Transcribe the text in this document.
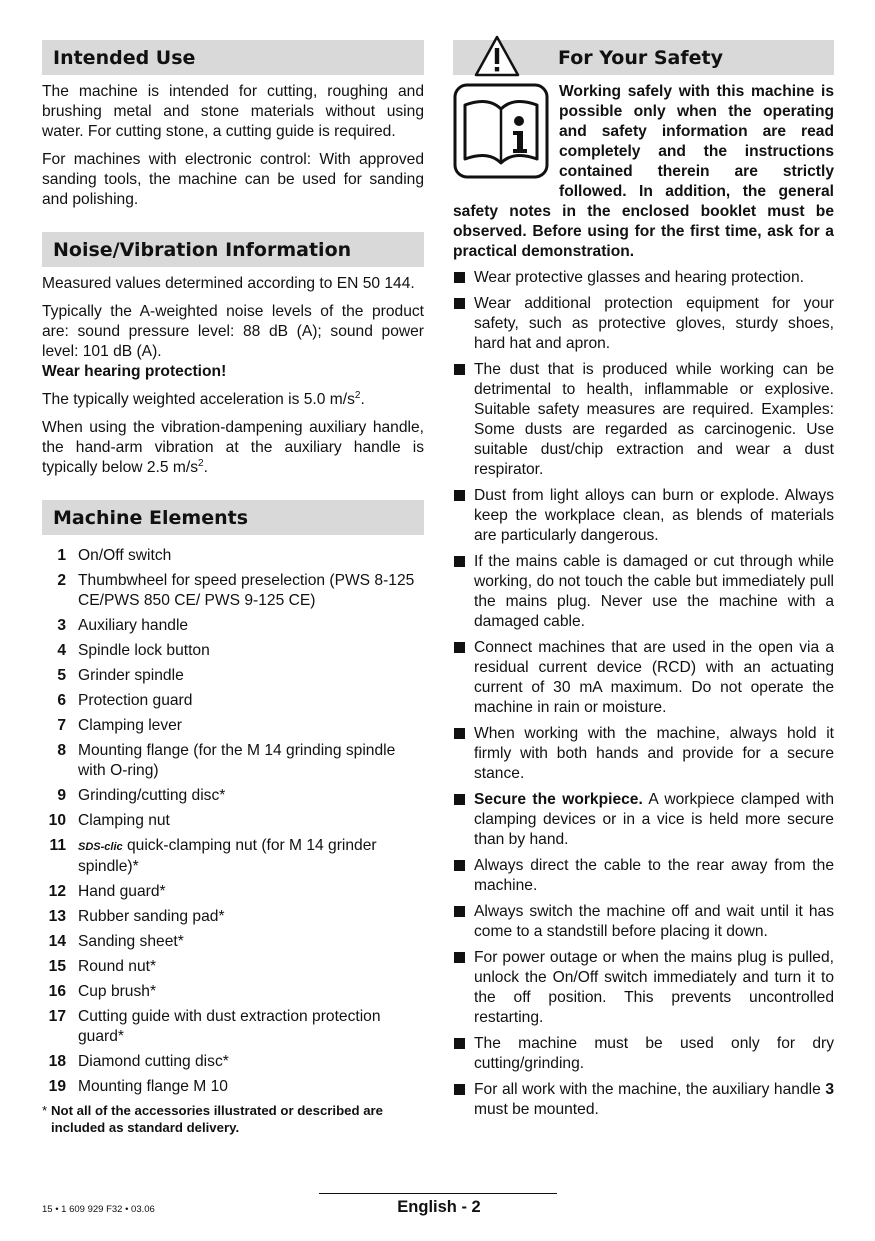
Intended Use

The machine is intended for cutting, roughing and brushing metal and stone materials without using water. For cutting stone, a cutting guide is required.

For machines with electronic control: With approved sanding tools, the machine can be used for sanding and polishing.

Noise/Vibration Information

Measured values determined according to EN 50 144.

Typically the A-weighted noise levels of the product are: sound pressure level: 88 dB (A); sound power level: 101 dB (A).

Wear hearing protection!

The typically weighted acceleration is 5.0 $m/s^2$.

When using the vibration-dampening auxiliary handle, the hand-arm vibration at the auxiliary handle is typically below 2.5 $m/s^2$.

Machine Elements
1 On/Off switch
2 Thumbwheel for speed preselection (PWS 8-125 CE/PWS 850 CE/ PWS 9-125 CE)
3 Auxiliary handle
4 Spindle lock button
5 Grinder spindle
6 Protection guard
7 Clamping lever
8 Mounting flange (for the M 14 grinding spindle with O-ring)
9 Grinding/cutting disc*
10 Clamping nut
11 SDS-clic quick-clamping nut (for M 14 grinder spindle)*
12 Hand guard*
13 Rubber sanding pad*
14 Sanding sheet*
15 Round nut*
16 Cup brush*
17 Cutting guide with dust extraction protection guard*
18 Diamond cutting disc*
19 Mounting flange M 10
* Not all of the accessories illustrated or described are included as standard delivery.
For Your Safety

Working safely with this machine is possible only when the operating and safety information are read completely and the instructions contained therein are strictly followed. In addition, the general safety notes in the enclosed booklet must be observed. Before using for the first time, ask for a practical demonstration.

Wear protective glasses and hearing protection.
Wear additional protection equipment for your safety, such as protective gloves, sturdy shoes, hard hat and apron.
The dust that is produced while working can be detrimental to health, inflammable or explosive. Suitable safety measures are required. Examples: Some dusts are regarded as carcinogenic. Use suitable dust/chip extraction and wear a dust respirator.
Dust from light alloys can burn or explode. Always keep the workplace clean, as blends of materials are particularly dangerous.
If the mains cable is damaged or cut through while working, do not touch the cable but immediately pull the mains plug. Never use the machine with a damaged cable.
Connect machines that are used in the open via a residual current device (RCD) with an actuating current of 30 mA maximum. Do not operate the machine in rain or moisture.
When working with the machine, always hold it firmly with both hands and provide for a secure stance.
Secure the workpiece. A workpiece clamped with clamping devices or in a vice is held more secure than by hand.
Always direct the cable to the rear away from the machine.
Always switch the machine off and wait until it has come to a standstill before placing it down.
For power outage or when the mains plug is pulled, unlock the On/Off switch immediately and turn it to the off position. This prevents uncontrolled restarting.
The machine must be used only for dry cutting/grinding.
For all work with the machine, the auxiliary handle 3 must be mounted.
15 • 1 609 929 F32 • 03.06	English - 2
